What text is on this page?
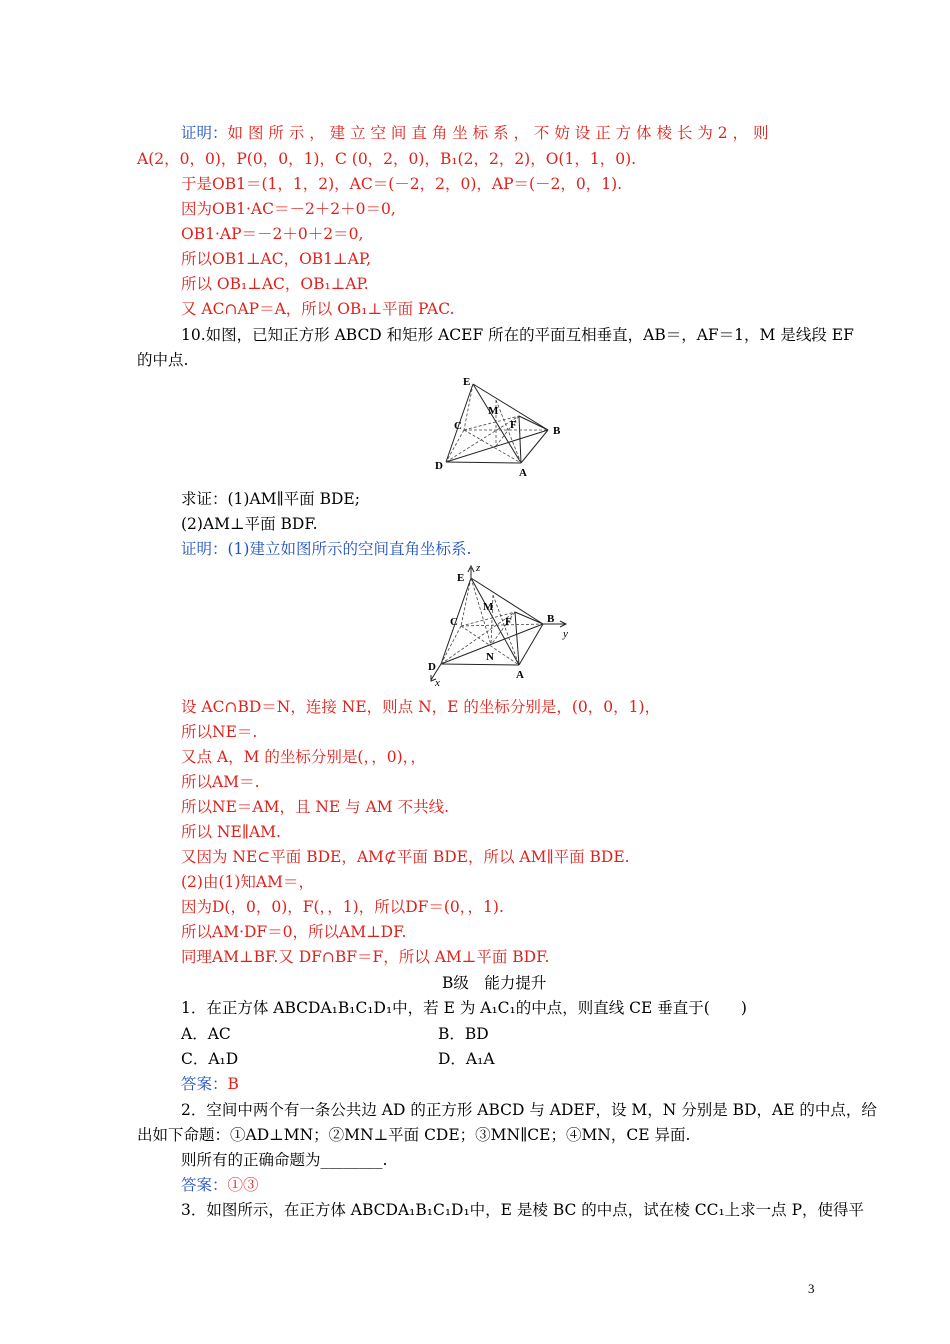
证明：如 图 所 示 ， 建 立 空 间 直 角 坐 标 系 ， 不 妨 设 正 方 体 棱 长 为 2 ， 则
A(2，0，0)，P(0，0，1)，C (0，2，0)，B₁(2，2，2)，O(1，1，0).
于是OB1＝(1，1，2)，AC＝(－2，2，0)，AP＝(－2，0，1).
因为OB1·AC＝－2＋2＋0＝0,
OB1·AP＝－2＋0＋2＝0,
所以OB1⊥AC，OB1⊥AP,
所以 OB₁⊥AC，OB₁⊥AP.
又 AC∩AP＝A，所以 OB₁⊥平面 PAC.
10.如图，已知正方形 ABCD 和矩形 ACEF 所在的平面互相垂直，AB＝，AF＝1，M 是线段 EF
的中点.
E
M
C	F	B
D
A
求证：(1)AM∥平面 BDE;
(2)AM⊥平面 BDF.
证明：(1)建立如图所示的空间直角坐标系.
z
E
M
C	F	B
y
N
D
A
x
设 AC∩BD＝N，连接 NE，则点 N，E 的坐标分别是，(0，0，1)，
所以NE＝.
又点 A，M 的坐标分别是(，，0)，，
所以AM＝.
所以NE＝AM，且 NE 与 AM 不共线.
所以 NE∥AM.
又因为 NE⊂平面 BDE，AM⊄平面 BDE，所以 AM∥平面 BDE.
(2)由(1)知AM＝，
因为D(，0，0)，F(，，1)，所以DF＝(0，，1).
所以AM·DF＝0，所以AM⊥DF.
同理AM⊥BF.又 DF∩BF＝F，所以 AM⊥平面 BDF.
B级　能力提升
1．在正方体 ABCDA₁B₁C₁D₁中，若 E 为 A₁C₁的中点，则直线 CE 垂直于(　　)
A．AC	B．BD
C．A₁D	D．A₁A
答案：B
2．空间中两个有一条公共边 AD 的正方形 ABCD 与 ADEF，设 M，N 分别是 BD，AE 的中点，给
出如下命题：①AD⊥MN；②MN⊥平面 CDE；③MN∥CE；④MN，CE 异面.
则所有的正确命题为________.
答案：①③
3．如图所示，在正方体 ABCDA₁B₁C₁D₁中，E 是棱 BC 的中点，试在棱 CC₁上求一点 P，使得平
3
